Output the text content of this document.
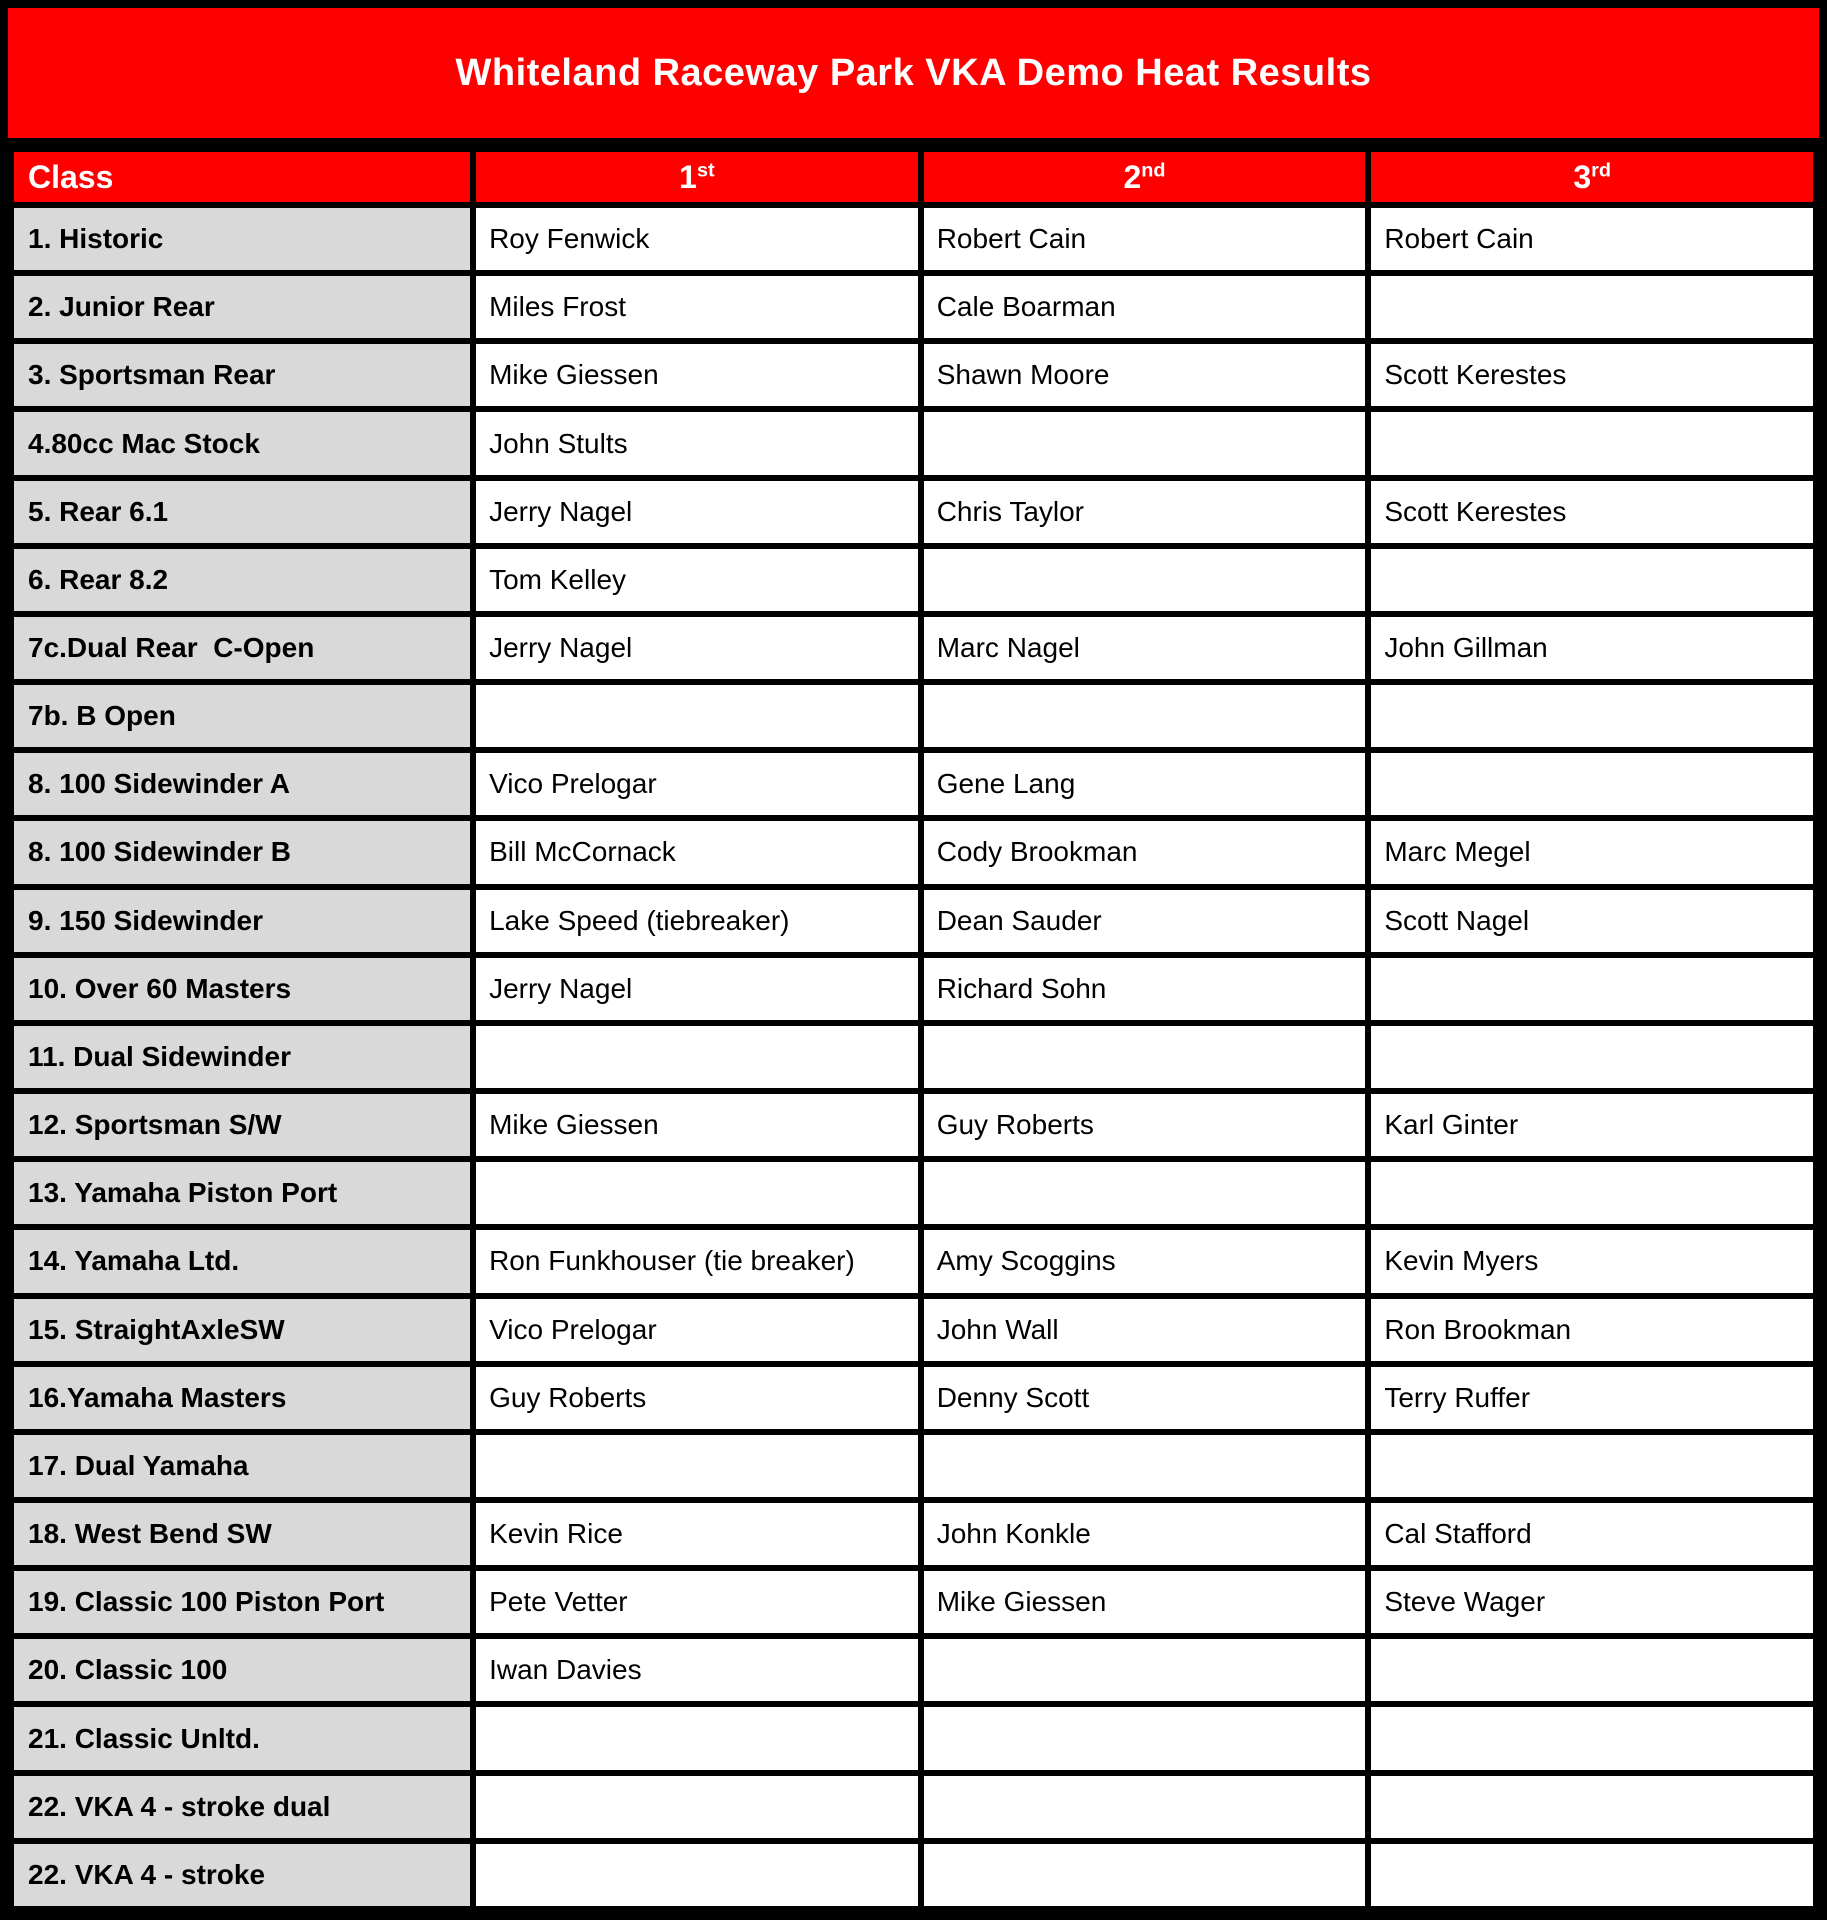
Whiteland Raceway Park VKA Demo Heat Results
Class	1st	2nd	3rd
1. Historic	Roy Fenwick	Robert Cain	Robert Cain
2. Junior Rear	Miles Frost	Cale Boarman	
3. Sportsman Rear	Mike Giessen	Shawn Moore	Scott Kerestes
4.80cc Mac Stock	John Stults		
5. Rear 6.1	Jerry Nagel	Chris Taylor	Scott Kerestes
6. Rear 8.2	Tom Kelley		
7c.Dual Rear  C-Open	Jerry Nagel	Marc Nagel	John Gillman
7b. B Open			
8. 100 Sidewinder A	Vico Prelogar	Gene Lang	
8. 100 Sidewinder B	Bill McCornack	Cody Brookman	Marc Megel
9. 150 Sidewinder	Lake Speed (tiebreaker)	Dean Sauder	Scott Nagel
10. Over 60 Masters	Jerry Nagel	Richard Sohn	
11. Dual Sidewinder			
12. Sportsman S/W	Mike Giessen	Guy Roberts	Karl Ginter
13. Yamaha Piston Port			
14. Yamaha Ltd.	Ron Funkhouser (tie breaker)	Amy Scoggins	Kevin Myers
15. StraightAxleSW	Vico Prelogar	John Wall	Ron Brookman
16.Yamaha Masters	Guy Roberts	Denny Scott	Terry Ruffer
17. Dual Yamaha			
18. West Bend SW	Kevin Rice	John Konkle	Cal Stafford
19. Classic 100 Piston Port	Pete Vetter	Mike Giessen	Steve Wager
20. Classic 100	Iwan Davies		
21. Classic Unltd.			
22. VKA 4 - stroke dual			
22. VKA 4 - stroke			
